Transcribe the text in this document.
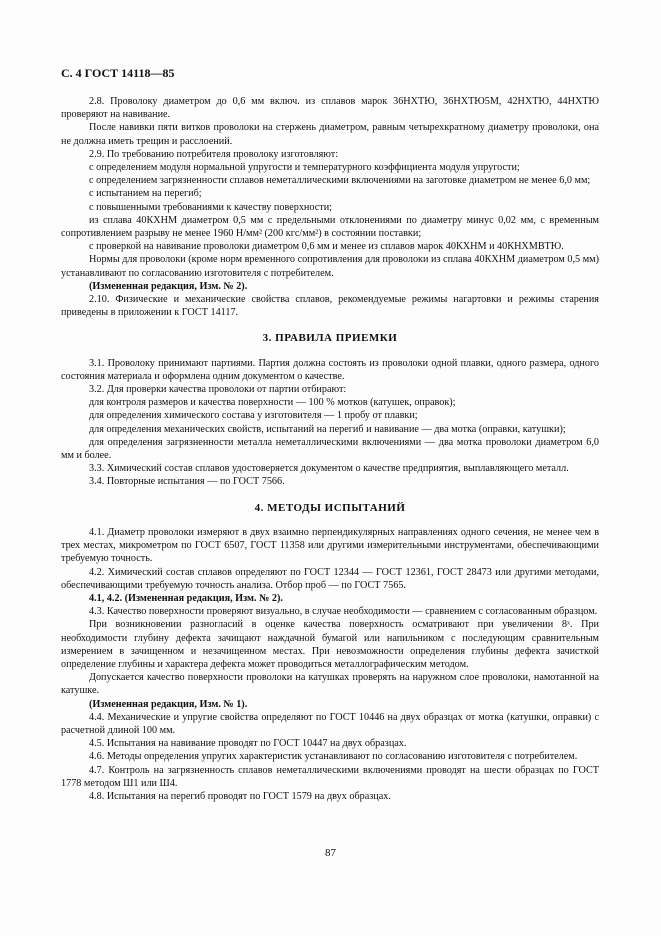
С. 4 ГОСТ 14118—85

2.8. Проволоку диаметром до 0,6 мм включ. из сплавов марок 36НХТЮ, 36НХТЮ5М, 42НХТЮ, 44НХТЮ проверяют на навивание.

После навивки пяти витков проволоки на стержень диаметром, равным четырехкратному диаметру проволоки, она не должна иметь трещин и расслоений.

2.9. По требованию потребителя проволоку изготовляют:

с определением модуля нормальной упругости и температурного коэффициента модуля упругости;

с определением загрязненности сплавов неметаллическими включениями на заготовке диаметром не менее 6,0 мм;

с испытанием на перегиб;

с повышенными требованиями к качеству поверхности;

из сплава 40КХНМ диаметром 0,5 мм с предельными отклонениями по диаметру минус 0,02 мм, с временным сопротивлением разрыву не менее 1960 Н/мм² (200 кгс/мм²) в состоянии поставки;

с проверкой на навивание проволоки диаметром 0,6 мм и менее из сплавов марок 40КХНМ и 40КНХМВТЮ.

Нормы для проволоки (кроме норм временного сопротивления для проволоки из сплава 40КХНМ диаметром 0,5 мм) устанавливают по согласованию изготовителя с потребителем.

(Измененная редакция, Изм. № 2).

2.10. Физические и механические свойства сплавов, рекомендуемые режимы нагартовки и режимы старения приведены в приложении к ГОСТ 14117.

3. ПРАВИЛА ПРИЕМКИ

3.1. Проволоку принимают партиями. Партия должна состоять из проволоки одной плавки, одного размера, одного состояния материала и оформлена одним документом о качестве.

3.2. Для проверки качества проволоки от партии отбирают:

для контроля размеров и качества поверхности — 100 % мотков (катушек, оправок);

для определения химического состава у изготовителя — 1 пробу от плавки;

для определения механических свойств, испытаний на перегиб и навивание — два мотка (оправки, катушки);

для определения загрязненности металла неметаллическими включениями — два мотка проволоки диаметром 6,0 мм и более.

3.3. Химический состав сплавов удостоверяется документом о качестве предприятия, выплавляющего металл.

3.4. Повторные испытания — по ГОСТ 7566.

4. МЕТОДЫ ИСПЫТАНИЙ

4.1. Диаметр проволоки измеряют в двух взаимно перпендикулярных направлениях одного сечения, не менее чем в трех местах, микрометром по ГОСТ 6507, ГОСТ 11358 или другими измерительными инструментами, обеспечивающими требуемую точность.

4.2. Химический состав сплавов определяют по ГОСТ 12344 — ГОСТ 12361, ГОСТ 28473 или другими методами, обеспечивающими требуемую точность анализа. Отбор проб — по ГОСТ 7565.

4.1, 4.2. (Измененная редакция, Изм. № 2).

4.3. Качество поверхности проверяют визуально, в случае необходимости — сравнением с согласованным образцом.

При возникновении разногласий в оценке качества поверхность осматривают при увеличении 8ˣ. При необходимости глубину дефекта зачищают наждачной бумагой или напильником с последующим сравнительным измерением в зачищенном и незачищенном местах. При невозможности определения глубины дефекта зачисткой определение глубины и характера дефекта может проводиться металлографическим методом.

Допускается качество поверхности проволоки на катушках проверять на наружном слое проволоки, намотанной на катушке.

(Измененная редакция, Изм. № 1).

4.4. Механические и упругие свойства определяют по ГОСТ 10446 на двух образцах от мотка (катушки, оправки) с расчетной длиной 100 мм.

4.5. Испытания на навивание проводят по ГОСТ 10447 на двух образцах.

4.6. Методы определения упругих характеристик устанавливают по согласованию изготовителя с потребителем.

4.7. Контроль на загрязненность сплавов неметаллическими включениями проводят на шести образцах по ГОСТ 1778 методом Ш1 или Ш4.

4.8. Испытания на перегиб проводят по ГОСТ 1579 на двух образцах.

87
